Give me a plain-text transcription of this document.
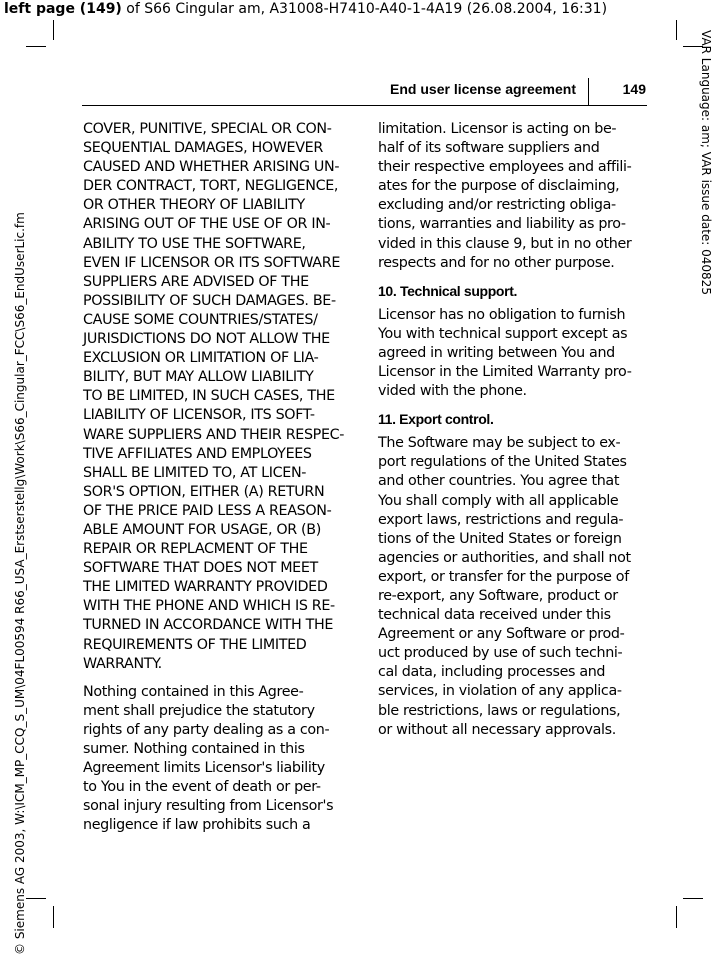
left page (149) of S66 Cingular am, A31008-H7410-A40-1-4A19 (26.08.2004, 16:31)
© Siemens AG 2003, W:\ICM_MP_CCQ_S_UM\04FL00594 R66_USA_Erstserstellg\Work\S66_Cingular_FCC\S66_EndUserLic.fm
VAR Language: am; VAR issue date: 040825
End user license agreement	149

COVER, PUNITIVE, SPECIAL OR CON-
SEQUENTIAL DAMAGES, HOWEVER
CAUSED AND WHETHER ARISING UN-
DER CONTRACT, TORT, NEGLIGENCE,
OR OTHER THEORY OF LIABILITY
ARISING OUT OF THE USE OF OR IN-
ABILITY TO USE THE SOFTWARE,
EVEN IF LICENSOR OR ITS SOFTWARE
SUPPLIERS ARE ADVISED OF THE
POSSIBILITY OF SUCH DAMAGES. BE-
CAUSE SOME COUNTRIES/STATES/
JURISDICTIONS DO NOT ALLOW THE
EXCLUSION OR LIMITATION OF LIA-
BILITY, BUT MAY ALLOW LIABILITY
TO BE LIMITED, IN SUCH CASES, THE
LIABILITY OF LICENSOR, ITS SOFT-
WARE SUPPLIERS AND THEIR RESPEC-
TIVE AFFILIATES AND EMPLOYEES
SHALL BE LIMITED TO, AT LICEN-
SOR'S OPTION, EITHER (A) RETURN
OF THE PRICE PAID LESS A REASON-
ABLE AMOUNT FOR USAGE, OR (B)
REPAIR OR REPLACMENT OF THE
SOFTWARE THAT DOES NOT MEET
THE LIMITED WARRANTY PROVIDED
WITH THE PHONE AND WHICH IS RE-
TURNED IN ACCORDANCE WITH THE
REQUIREMENTS OF THE LIMITED
WARRANTY.

Nothing contained in this Agree-
ment shall prejudice the statutory
rights of any party dealing as a con-
sumer. Nothing contained in this
Agreement limits Licensor's liability
to You in the event of death or per-
sonal injury resulting from Licensor's
negligence if law prohibits such a

limitation. Licensor is acting on be-
half of its software suppliers and
their respective employees and affili-
ates for the purpose of disclaiming,
excluding and/or restricting obliga-
tions, warranties and liability as pro-
vided in this clause 9, but in no other
respects and for no other purpose.

10. Technical support.

Licensor has no obligation to furnish
You with technical support except as
agreed in writing between You and
Licensor in the Limited Warranty pro-
vided with the phone.

11. Export control.

The Software may be subject to ex-
port regulations of the United States
and other countries. You agree that
You shall comply with all applicable
export laws, restrictions and regula-
tions of the United States or foreign
agencies or authorities, and shall not
export, or transfer for the purpose of
re-export, any Software, product or
technical data received under this
Agreement or any Software or prod-
uct produced by use of such techni-
cal data, including processes and
services, in violation of any applica-
ble restrictions, laws or regulations,
or without all necessary approvals.
